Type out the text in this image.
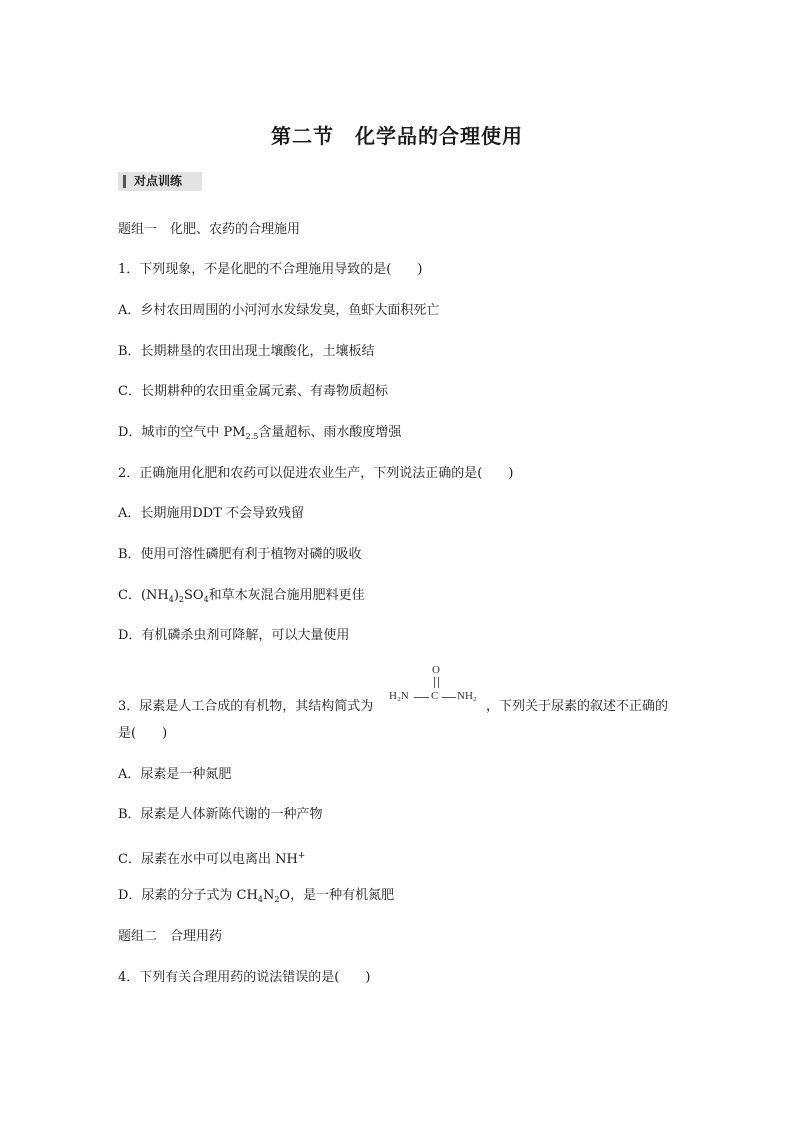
第二节　化学品的合理使用
对点训练
题组一　化肥、农药的合理施用
1．下列现象，不是化肥的不合理施用导致的是(　　)
A．乡村农田周围的小河河水发绿发臭，鱼虾大面积死亡
B．长期耕垦的农田出现土壤酸化，土壤板结
C．长期耕种的农田重金属元素、有毒物质超标
D．城市的空气中 $PM_{2.5}$含量超标、雨水酸度增强
2．正确施用化肥和农药可以促进农业生产，下列说法正确的是(　　)
A．长期施用DDT 不会导致残留
B．使用可溶性磷肥有利于植物对磷的吸收
C．$(NH_4)_2SO_4$和草木灰混合施用肥料更佳
D．有机磷杀虫剂可降解，可以大量使用
3．尿素是人工合成的有机物，其结构简式为
O
H₂N C NH₂
，下列关于尿素的叙述不正确的
是(　　)
A．尿素是一种氮肥
B．尿素是人体新陈代谢的一种产物
C．尿素在水中可以电离出 NH+
D．尿素的分子式为 $CH_4N_2O$，是一种有机氮肥
题组二　合理用药
4．下列有关合理用药的说法错误的是(　　)
